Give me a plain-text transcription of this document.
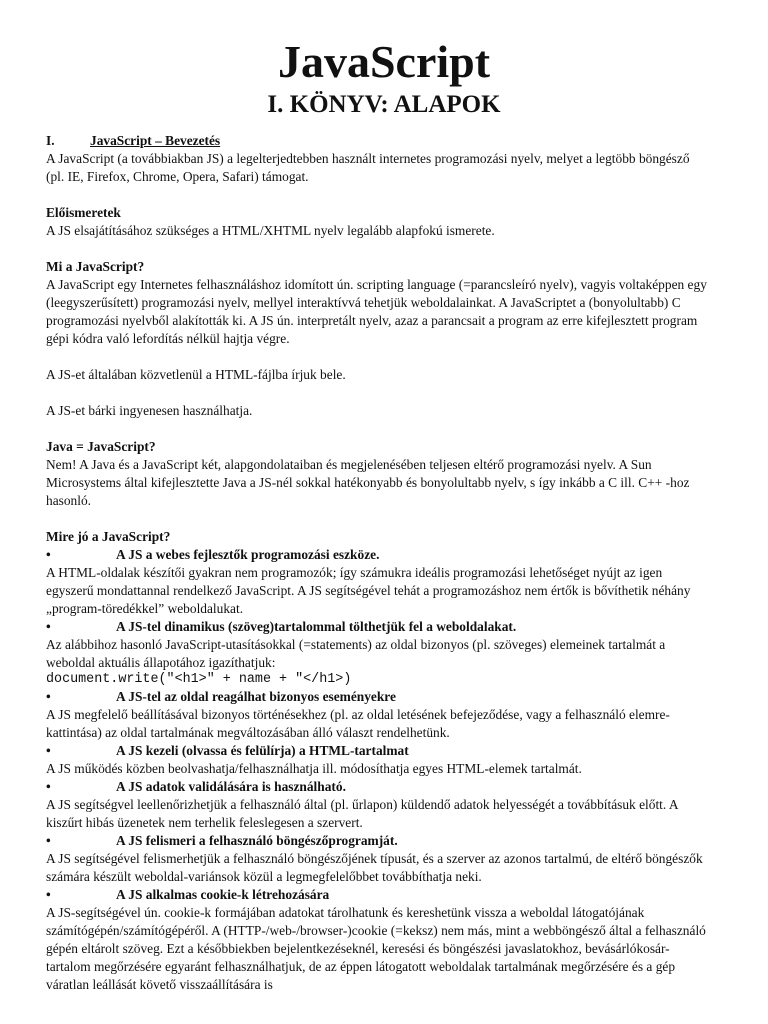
JavaScript
I. KÖNYV: ALAPOK
I.	JavaScript – Bevezetés

A JavaScript (a továbbiakban JS) a legelterjedtebben használt internetes programozási nyelv, melyet a legtöbb böngésző (pl. IE, Firefox, Chrome, Opera, Safari) támogat.

Előismeretek

A JS elsajátításához szükséges a HTML/XHTML nyelv legalább alapfokú ismerete.

Mi a JavaScript?

A JavaScript egy Internetes felhasználáshoz idomított ún. scripting language (=parancsleíró nyelv), vagyis voltaképpen egy (leegyszerűsített) programozási nyelv, mellyel interaktívvá tehetjük weboldalainkat. A JavaScriptet a (bonyolultabb) C programozási nyelvből alakították ki. A JS ún. interpretált nyelv, azaz a parancsait a program az erre kifejlesztett program gépi kódra való lefordítás nélkül hajtja végre.

A JS-et általában közvetlenül a HTML-fájlba írjuk bele.

A JS-et bárki ingyenesen használhatja.

Java = JavaScript?

Nem! A Java és a JavaScript két, alapgondolataiban és megjelenésében teljesen eltérő programozási nyelv. A Sun Microsystems által kifejlesztette Java a JS-nél sokkal hatékonyabb és bonyolultabb nyelv, s így inkább a C ill. C++ -hoz hasonló.

Mire jó a JavaScript?
•	A JS a webes fejlesztők programozási eszköze.

A HTML-oldalak készítői gyakran nem programozók; így számukra ideális programozási lehetőséget nyújt az igen egyszerű mondattannal rendelkező JavaScript. A JS segítségével tehát a programozáshoz nem értők is bővíthetik néhány „program-töredékkel” weboldalukat.

•	A JS-tel dinamikus (szöveg)tartalommal tölthetjük fel a weboldalakat.

Az alábbihoz hasonló JavaScript-utasításokkal (=statements) az oldal bizonyos (pl. szöveges) elemeinek tartalmát a weboldal aktuális állapotához igazíthatjuk:

document.write("<h1>" + name + "</h1>)
•	A JS-tel az oldal reagálhat bizonyos eseményekre

A JS megfelelő beállításával bizonyos történésekhez (pl. az oldal letésének befejeződése, vagy a felhasználó elemre-kattintása) az oldal tartalmának megváltozásában álló választ rendelhetünk.

•	A JS kezeli (olvassa és felülírja) a HTML-tartalmat

A JS működés közben beolvashatja/felhasználhatja ill. módosíthatja egyes HTML-elemek tartalmát.

•	A JS adatok validálására is használható.

A JS segítségvel leellenőrizhetjük a felhasználó által (pl. űrlapon) küldendő adatok helyességét a továbbításuk előtt. A kiszűrt hibás üzenetek nem terhelik feleslegesen a szervert.

•	A JS felismeri a felhasználó böngészőprogramját.

A JS segítségével felismerhetjük a felhasználó böngészőjének típusát, és a szerver az azonos tartalmú, de eltérő böngészők számára készült weboldal-variánsok közül a legmegfelelőbbet továbbíthatja neki.

•	A JS alkalmas cookie-k létrehozására

A JS-segítségével ún. cookie-k formájában adatokat tárolhatunk és kereshetünk vissza a weboldal látogatójának számítógépén/számítógépéről. A (HTTP-/web-/browser-)cookie (=keksz) nem más, mint a webböngésző által a felhasználó gépén eltárolt szöveg. Ezt a későbbiekben bejelentkezéseknél, keresési és böngészési javaslatokhoz, bevásárlókosár-tartalom megőrzésére egyaránt felhasználhatjuk, de az éppen látogatott weboldalak tartalmának megőrzésére és a gép váratlan leállását követő visszaállítására is
